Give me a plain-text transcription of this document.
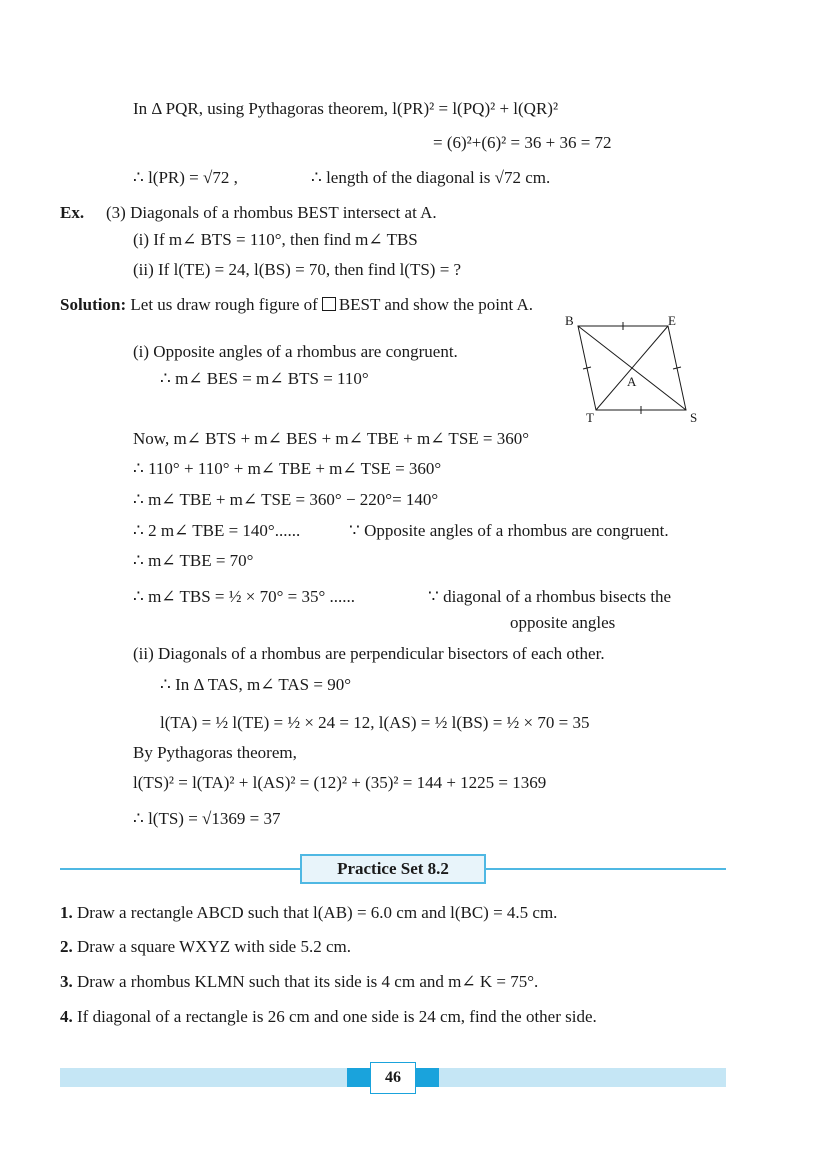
In Δ PQR, using Pythagoras theorem, l(PR)² = l(PQ)² + l(QR)²
= (6)²+(6)² = 36 + 36 = 72
∴ l(PR) = √72 ,	∴ length of the diagonal is √72 cm.
Ex. (3) Diagonals of a rhombus BEST intersect at A.
(i) If m∠ BTS = 110°, then find m∠ TBS
(ii) If l(TE) = 24, l(BS) = 70, then find l(TS) = ?
Solution: Let us draw rough figure of BEST and show the point A.
B	E
T	S
A
(i) Opposite angles of a rhombus are congruent.
∴ m∠ BES = m∠ BTS = 110°
Now, m∠ BTS + m∠ BES + m∠ TBE + m∠ TSE = 360°
∴ 110° + 110° + m∠ TBE + m∠ TSE = 360°
∴ m∠ TBE + m∠ TSE = 360° − 220°= 140°
∴ 2 m∠ TBE = 140°......	∵ Opposite angles of a rhombus are congruent.
∴ m∠ TBE = 70°
∴ m∠ TBS = ½ × 70° = 35° ......	∵ diagonal of a rhombus bisects the
opposite angles
(ii) Diagonals of a rhombus are perpendicular bisectors of each other.
∴ In Δ TAS, m∠ TAS = 90°
l(TA) = ½ l(TE) = ½ × 24 = 12, l(AS) = ½ l(BS) = ½ × 70 = 35
By Pythagoras theorem,
l(TS)² = l(TA)² + l(AS)² = (12)² + (35)² = 144 + 1225 = 1369
∴ l(TS) = √1369 = 37
Practice Set 8.2
1. Draw a rectangle ABCD such that l(AB) = 6.0 cm and l(BC) = 4.5 cm.
2. Draw a square WXYZ with side 5.2 cm.
3. Draw a rhombus KLMN such that its side is 4 cm and m∠ K = 75°.
4. If diagonal of a rectangle is 26 cm and one side is 24 cm, find the other side.
46
